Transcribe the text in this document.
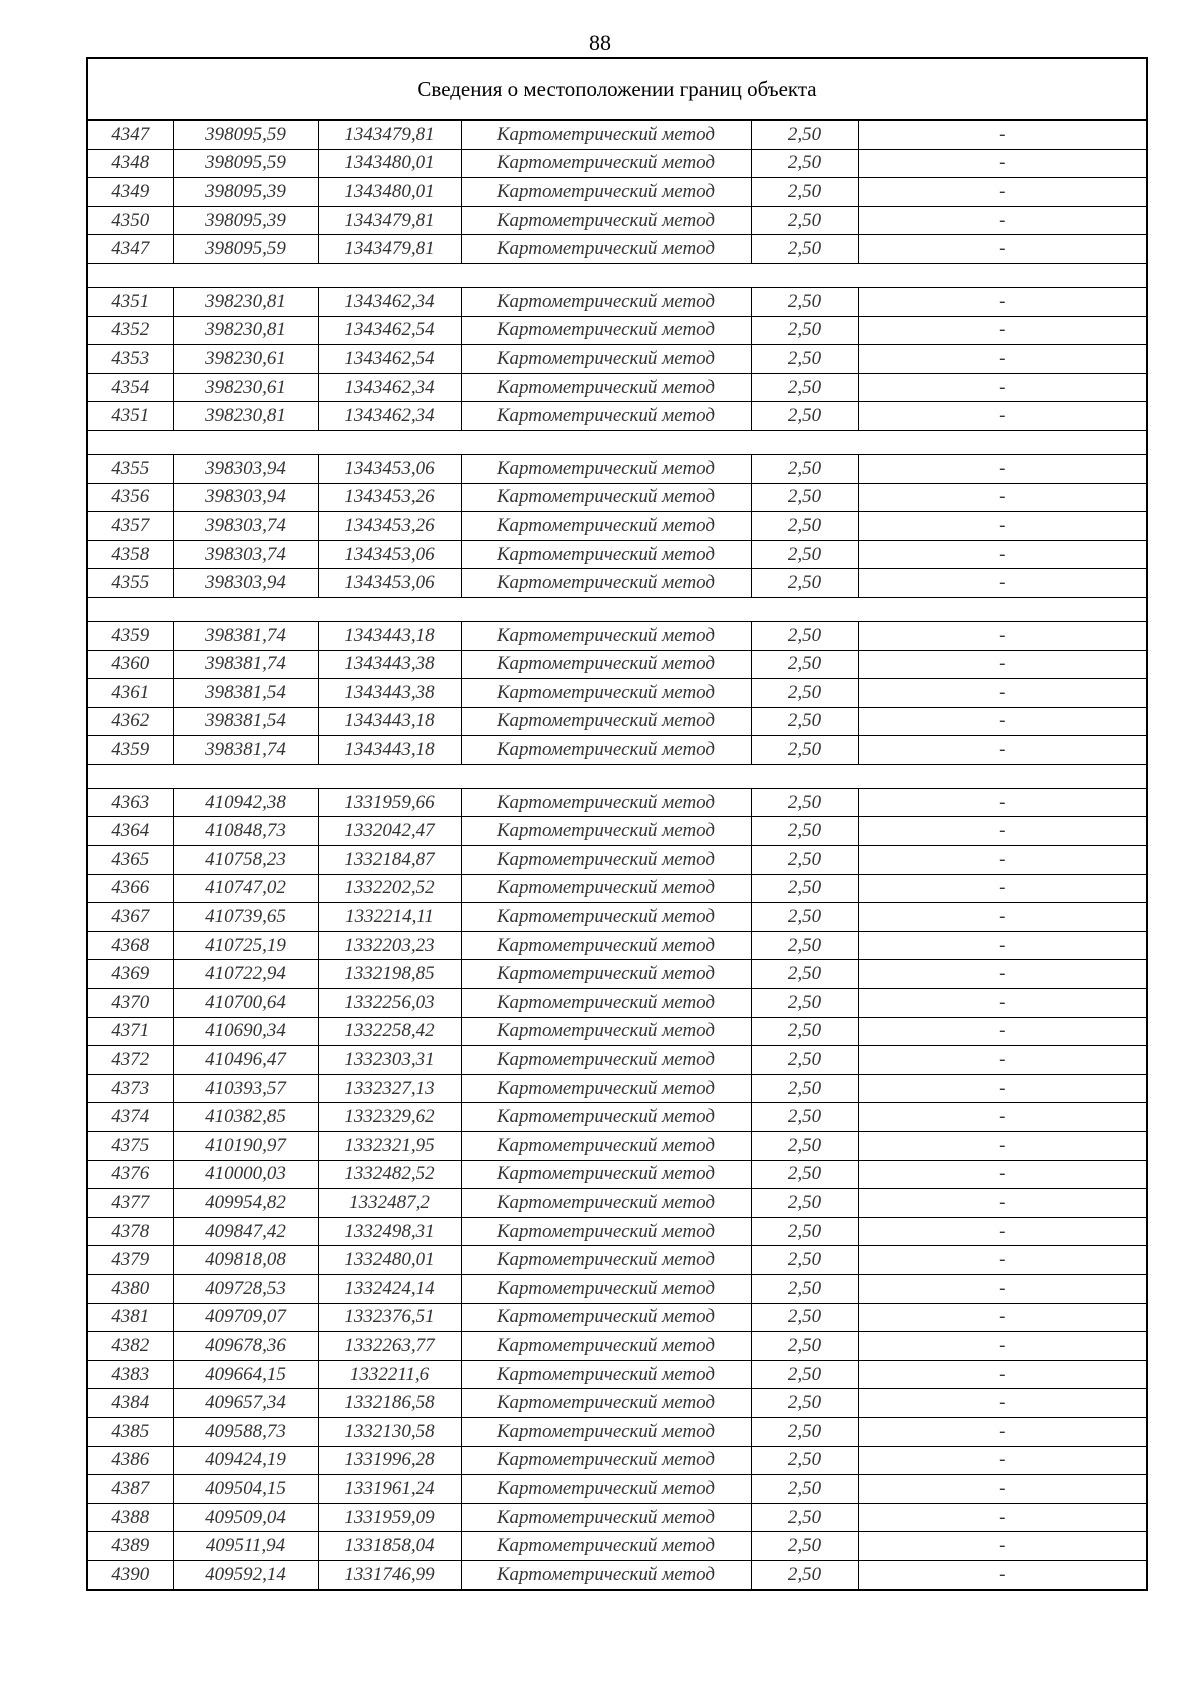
88
Сведения о местоположении границ объекта
4347	398095,59	1343479,81	Картометрический метод	2,50	-
4348	398095,59	1343480,01	Картометрический метод	2,50	-
4349	398095,39	1343480,01	Картометрический метод	2,50	-
4350	398095,39	1343479,81	Картометрический метод	2,50	-
4347	398095,59	1343479,81	Картометрический метод	2,50	-

4351	398230,81	1343462,34	Картометрический метод	2,50	-
4352	398230,81	1343462,54	Картометрический метод	2,50	-
4353	398230,61	1343462,54	Картометрический метод	2,50	-
4354	398230,61	1343462,34	Картометрический метод	2,50	-
4351	398230,81	1343462,34	Картометрический метод	2,50	-

4355	398303,94	1343453,06	Картометрический метод	2,50	-
4356	398303,94	1343453,26	Картометрический метод	2,50	-
4357	398303,74	1343453,26	Картометрический метод	2,50	-
4358	398303,74	1343453,06	Картометрический метод	2,50	-
4355	398303,94	1343453,06	Картометрический метод	2,50	-

4359	398381,74	1343443,18	Картометрический метод	2,50	-
4360	398381,74	1343443,38	Картометрический метод	2,50	-
4361	398381,54	1343443,38	Картометрический метод	2,50	-
4362	398381,54	1343443,18	Картометрический метод	2,50	-
4359	398381,74	1343443,18	Картометрический метод	2,50	-

4363	410942,38	1331959,66	Картометрический метод	2,50	-
4364	410848,73	1332042,47	Картометрический метод	2,50	-
4365	410758,23	1332184,87	Картометрический метод	2,50	-
4366	410747,02	1332202,52	Картометрический метод	2,50	-
4367	410739,65	1332214,11	Картометрический метод	2,50	-
4368	410725,19	1332203,23	Картометрический метод	2,50	-
4369	410722,94	1332198,85	Картометрический метод	2,50	-
4370	410700,64	1332256,03	Картометрический метод	2,50	-
4371	410690,34	1332258,42	Картометрический метод	2,50	-
4372	410496,47	1332303,31	Картометрический метод	2,50	-
4373	410393,57	1332327,13	Картометрический метод	2,50	-
4374	410382,85	1332329,62	Картометрический метод	2,50	-
4375	410190,97	1332321,95	Картометрический метод	2,50	-
4376	410000,03	1332482,52	Картометрический метод	2,50	-
4377	409954,82	1332487,2	Картометрический метод	2,50	-
4378	409847,42	1332498,31	Картометрический метод	2,50	-
4379	409818,08	1332480,01	Картометрический метод	2,50	-
4380	409728,53	1332424,14	Картометрический метод	2,50	-
4381	409709,07	1332376,51	Картометрический метод	2,50	-
4382	409678,36	1332263,77	Картометрический метод	2,50	-
4383	409664,15	1332211,6	Картометрический метод	2,50	-
4384	409657,34	1332186,58	Картометрический метод	2,50	-
4385	409588,73	1332130,58	Картометрический метод	2,50	-
4386	409424,19	1331996,28	Картометрический метод	2,50	-
4387	409504,15	1331961,24	Картометрический метод	2,50	-
4388	409509,04	1331959,09	Картометрический метод	2,50	-
4389	409511,94	1331858,04	Картометрический метод	2,50	-
4390	409592,14	1331746,99	Картометрический метод	2,50	-
